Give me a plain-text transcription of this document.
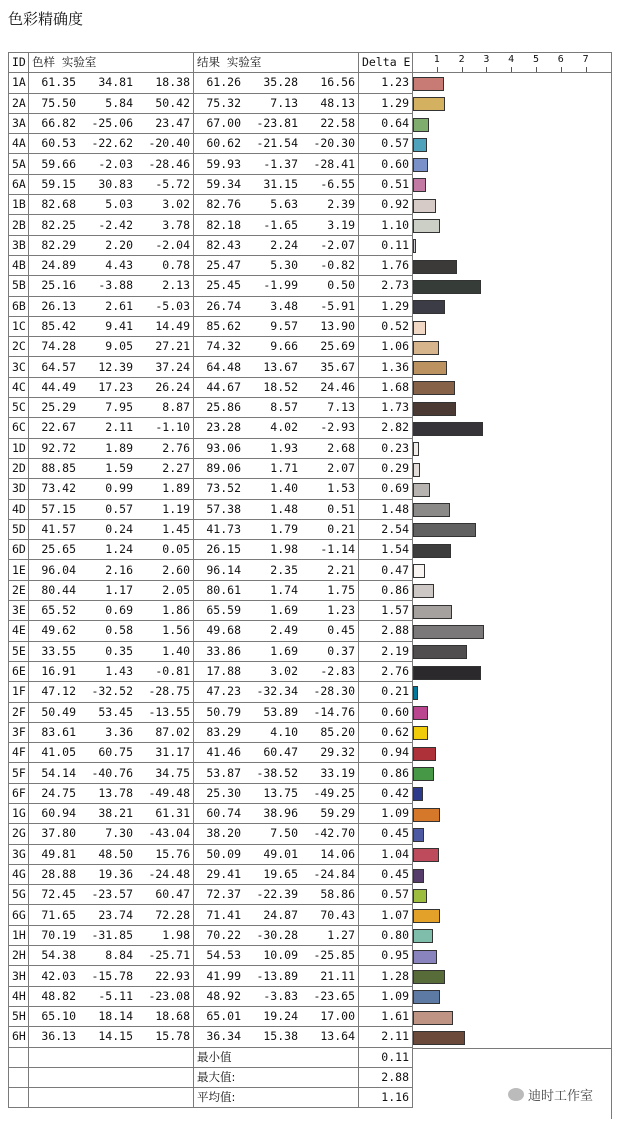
色彩精确度
ID	色样 实验室	结果 实验室	Delta E
1A	61.35 34.81 18.38	61.26 35.28 16.56	1.23
2A	75.50 5.84 50.42	75.32 7.13 48.13	1.29
3A	66.82 -25.06 23.47	67.00 -23.81 22.58	0.64
4A	60.53 -22.62 -20.40	60.62 -21.54 -20.30	0.57
5A	59.66 -2.03 -28.46	59.93 -1.37 -28.41	0.60
6A	59.15 30.83 -5.72	59.34 31.15 -6.55	0.51
1B	82.68 5.03 3.02	82.76 5.63 2.39	0.92
2B	82.25 -2.42 3.78	82.18 -1.65 3.19	1.10
3B	82.29 2.20 -2.04	82.43 2.24 -2.07	0.11
4B	24.89 4.43 0.78	25.47 5.30 -0.82	1.76
5B	25.16 -3.88 2.13	25.45 -1.99 0.50	2.73
6B	26.13 2.61 -5.03	26.74 3.48 -5.91	1.29
1C	85.42 9.41 14.49	85.62 9.57 13.90	0.52
2C	74.28 9.05 27.21	74.32 9.66 25.69	1.06
3C	64.57 12.39 37.24	64.48 13.67 35.67	1.36
4C	44.49 17.23 26.24	44.67 18.52 24.46	1.68
5C	25.29 7.95 8.87	25.86 8.57 7.13	1.73
6C	22.67 2.11 -1.10	23.28 4.02 -2.93	2.82
1D	92.72 1.89 2.76	93.06 1.93 2.68	0.23
2D	88.85 1.59 2.27	89.06 1.71 2.07	0.29
3D	73.42 0.99 1.89	73.52 1.40 1.53	0.69
4D	57.15 0.57 1.19	57.38 1.48 0.51	1.48
5D	41.57 0.24 1.45	41.73 1.79 0.21	2.54
6D	25.65 1.24 0.05	26.15 1.98 -1.14	1.54
1E	96.04 2.16 2.60	96.14 2.35 2.21	0.47
2E	80.44 1.17 2.05	80.61 1.74 1.75	0.86
3E	65.52 0.69 1.86	65.59 1.69 1.23	1.57
4E	49.62 0.58 1.56	49.68 2.49 0.45	2.88
5E	33.55 0.35 1.40	33.86 1.69 0.37	2.19
6E	16.91 1.43 -0.81	17.88 3.02 -2.83	2.76
1F	47.12 -32.52 -28.75	47.23 -32.34 -28.30	0.21
2F	50.49 53.45 -13.55	50.79 53.89 -14.76	0.60
3F	83.61 3.36 87.02	83.29 4.10 85.20	0.62
4F	41.05 60.75 31.17	41.46 60.47 29.32	0.94
5F	54.14 -40.76 34.75	53.87 -38.52 33.19	0.86
6F	24.75 13.78 -49.48	25.30 13.75 -49.25	0.42
1G	60.94 38.21 61.31	60.74 38.96 59.29	1.09
2G	37.80 7.30 -43.04	38.20 7.50 -42.70	0.45
3G	49.81 48.50 15.76	50.09 49.01 14.06	1.04
4G	28.88 19.36 -24.48	29.41 19.65 -24.84	0.45
5G	72.45 -23.57 60.47	72.37 -22.39 58.86	0.57
6G	71.65 23.74 72.28	71.41 24.87 70.43	1.07
1H	70.19 -31.85 1.98	70.22 -30.28 1.27	0.80
2H	54.38 8.84 -25.71	54.53 10.09 -25.85	0.95
3H	42.03 -15.78 22.93	41.99 -13.89 21.11	1.28
4H	48.82 -5.11 -23.08	48.92 -3.83 -23.65	1.09
5H	65.10 18.14 18.68	65.01 19.24 17.00	1.61
6H	36.13 14.15 15.78	36.34 15.38 13.64	2.11
		最小值	0.11
		最大值:	2.88
		平均值:	1.16
1 2 3 4 5 6 7
迪时工作室
